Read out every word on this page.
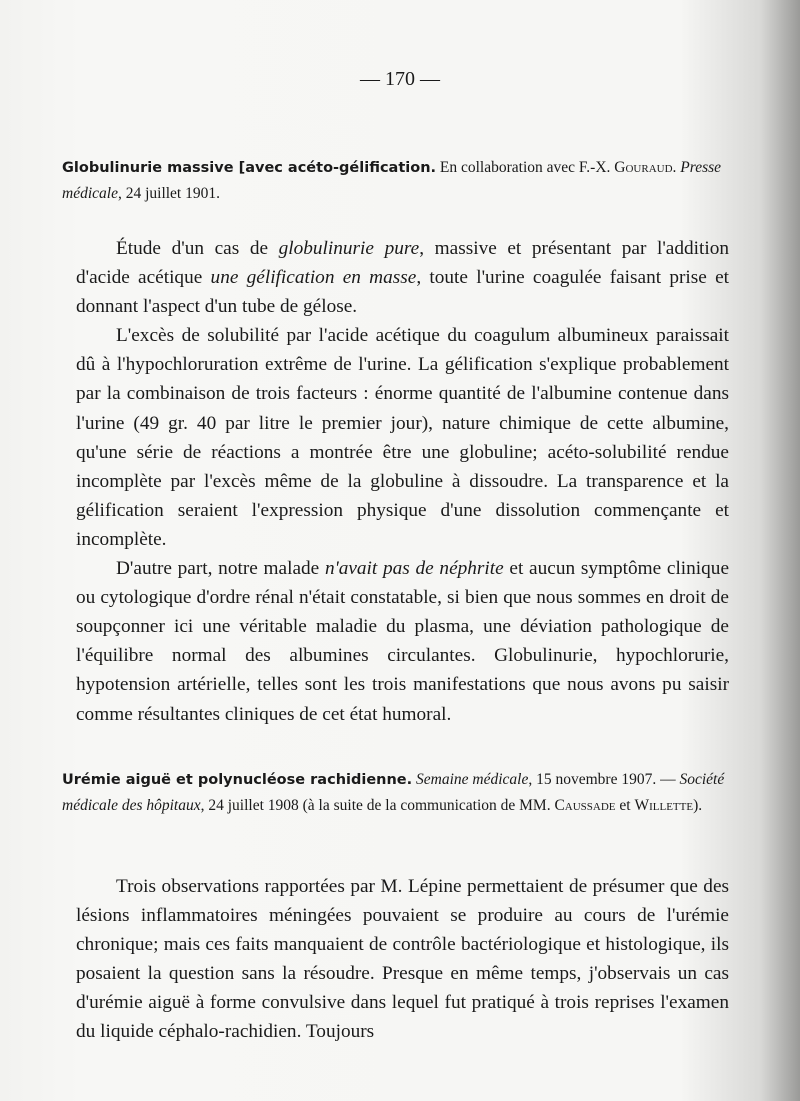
— 170 —
Globulinurie massive [avec acéto-gélification. En collaboration avec F.-X. Gouraud. Presse médicale, 24 juillet 1901.

Étude d'un cas de globulinurie pure, massive et présentant par l'addition d'acide acétique une gélification en masse, toute l'urine coagulée faisant prise et donnant l'aspect d'un tube de gélose.

L'excès de solubilité par l'acide acétique du coagulum albumineux paraissait dû à l'hypochloruration extrême de l'urine. La gélification s'explique probablement par la combinaison de trois facteurs : énorme quantité de l'albumine contenue dans l'urine (49 gr. 40 par litre le premier jour), nature chimique de cette albumine, qu'une série de réactions a montrée être une globuline; acéto-solubilité rendue incomplète par l'excès même de la globuline à dissoudre. La transparence et la gélification seraient l'expression physique d'une dissolution commençante et incomplète.

D'autre part, notre malade n'avait pas de néphrite et aucun symptôme clinique ou cytologique d'ordre rénal n'était constatable, si bien que nous sommes en droit de soupçonner ici une véritable maladie du plasma, une déviation pathologique de l'équilibre normal des albumines circulantes. Globulinurie, hypochlorurie, hypotension artérielle, telles sont les trois manifestations que nous avons pu saisir comme résultantes cliniques de cet état humoral.

Urémie aiguë et polynucléose rachidienne. Semaine médicale, 15 novembre 1907. — Société médicale des hôpitaux, 24 juillet 1908 (à la suite de la communication de MM. Caussade et Willette).

Trois observations rapportées par M. Lépine permettaient de présumer que des lésions inflammatoires méningées pouvaient se produire au cours de l'urémie chronique; mais ces faits manquaient de contrôle bactériologique et histologique, ils posaient la question sans la résoudre. Presque en même temps, j'observais un cas d'urémie aiguë à forme convulsive dans lequel fut pratiqué à trois reprises l'examen du liquide céphalo-rachidien. Toujours
